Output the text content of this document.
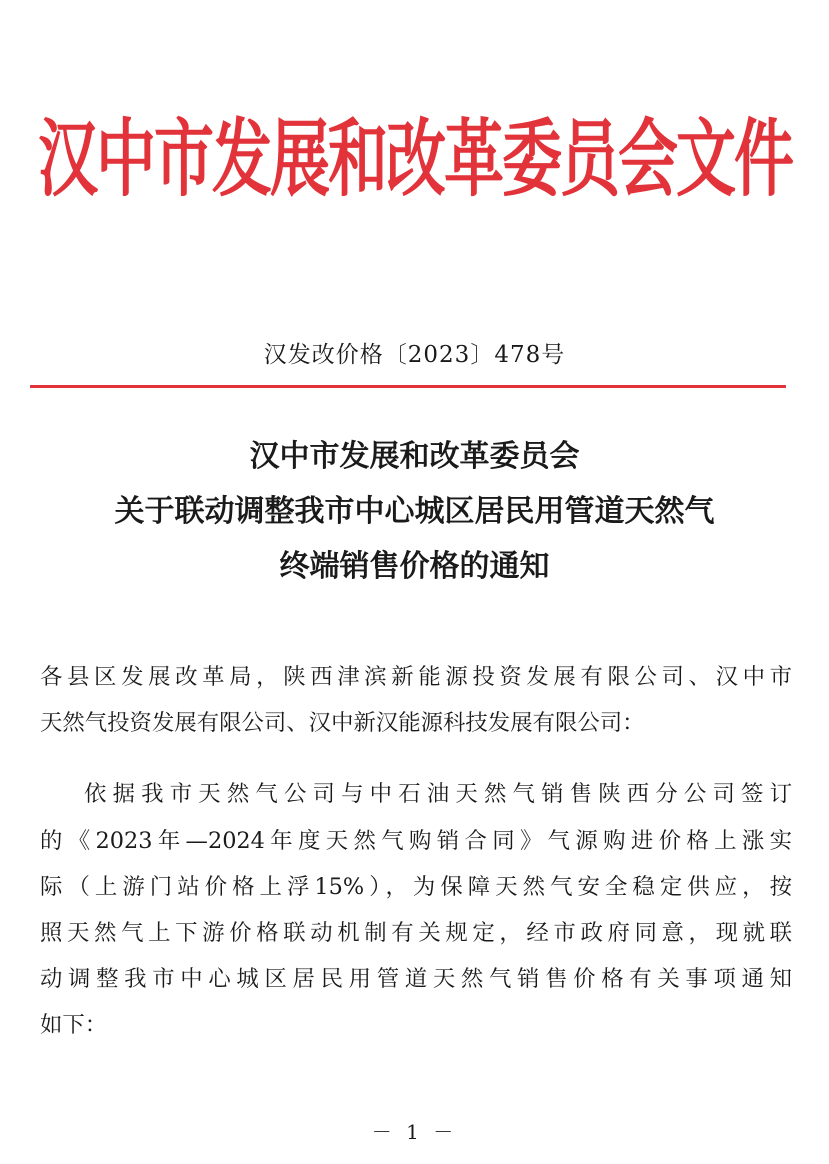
汉中市发展和改革委员会文件
汉发改价格〔2023〕478号
汉中市发展和改革委员会
关于联动调整我市中心城区居民用管道天然气
终端销售价格的通知
各县区发展改革局，陕西津滨新能源投资发展有限公司、汉中市
天然气投资发展有限公司、汉中新汉能源科技发展有限公司：
依据我市天然气公司与中石油天然气销售陕西分公司签订
的《2023年—2024年度天然气购销合同》气源购进价格上涨实
际（上游门站价格上浮15%），为保障天然气安全稳定供应，按
照天然气上下游价格联动机制有关规定，经市政府同意，现就联
动调整我市中心城区居民用管道天然气销售价格有关事项通知
如下：
－ 1 －
